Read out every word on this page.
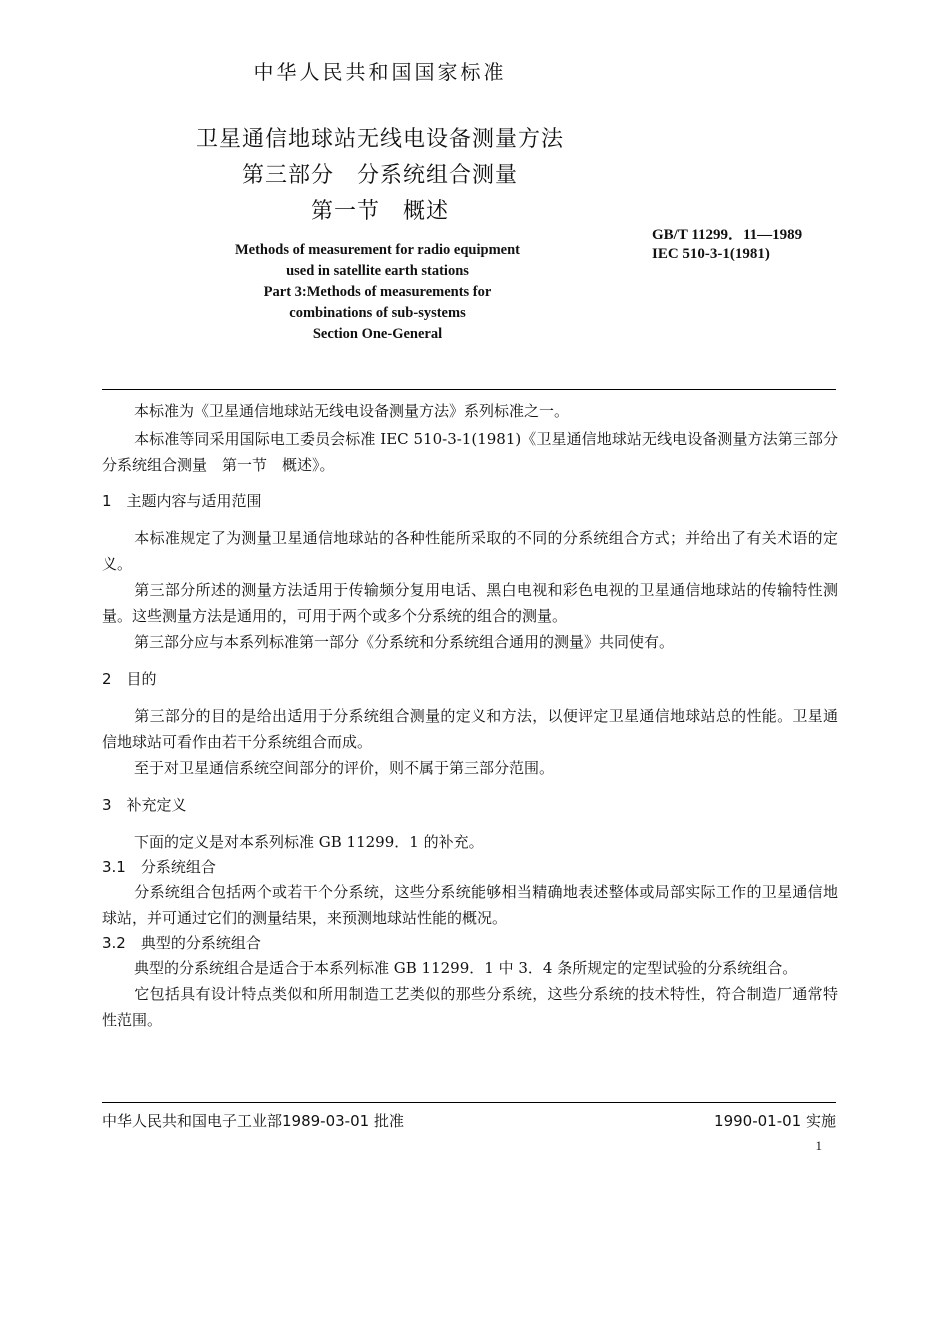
中华人民共和国国家标准
卫星通信地球站无线电设备测量方法
第三部分　分系统组合测量
第一节　概述
GB/T 11299．11—1989
IEC 510-3-1(1981)
Methods of measurement for radio equipment
used in satellite earth stations
Part 3:Methods of measurements for
combinations of sub-systems
Section One-General
本标准为《卫星通信地球站无线电设备测量方法》系列标准之一。
本标准等同采用国际电工委员会标准 IEC 510-3-1(1981)《卫星通信地球站无线电设备测量方法第三部分　分系统组合测量　第一节　概述》。
1　主题内容与适用范围
本标准规定了为测量卫星通信地球站的各种性能所采取的不同的分系统组合方式；并给出了有关术语的定义。
第三部分所述的测量方法适用于传输频分复用电话、黑白电视和彩色电视的卫星通信地球站的传输特性测量。这些测量方法是通用的，可用于两个或多个分系统的组合的测量。
第三部分应与本系列标准第一部分《分系统和分系统组合通用的测量》共同使有。
2　目的
第三部分的目的是给出适用于分系统组合测量的定义和方法，以便评定卫星通信地球站总的性能。卫星通信地球站可看作由若干分系统组合而成。
至于对卫星通信系统空间部分的评价，则不属于第三部分范围。
3　补充定义
下面的定义是对本系列标准 GB 11299．1 的补充。
3.1　分系统组合
分系统组合包括两个或若干个分系统，这些分系统能够相当精确地表述整体或局部实际工作的卫星通信地球站，并可通过它们的测量结果，来预测地球站性能的概况。
3.2　典型的分系统组合
典型的分系统组合是适合于本系列标准 GB 11299．1 中 3．4 条所规定的定型试验的分系统组合。
它包括具有设计特点类似和所用制造工艺类似的那些分系统，这些分系统的技术特性，符合制造厂通常特性范围。
中华人民共和国电子工业部1989-03-01 批准	1990-01-01 实施
1
